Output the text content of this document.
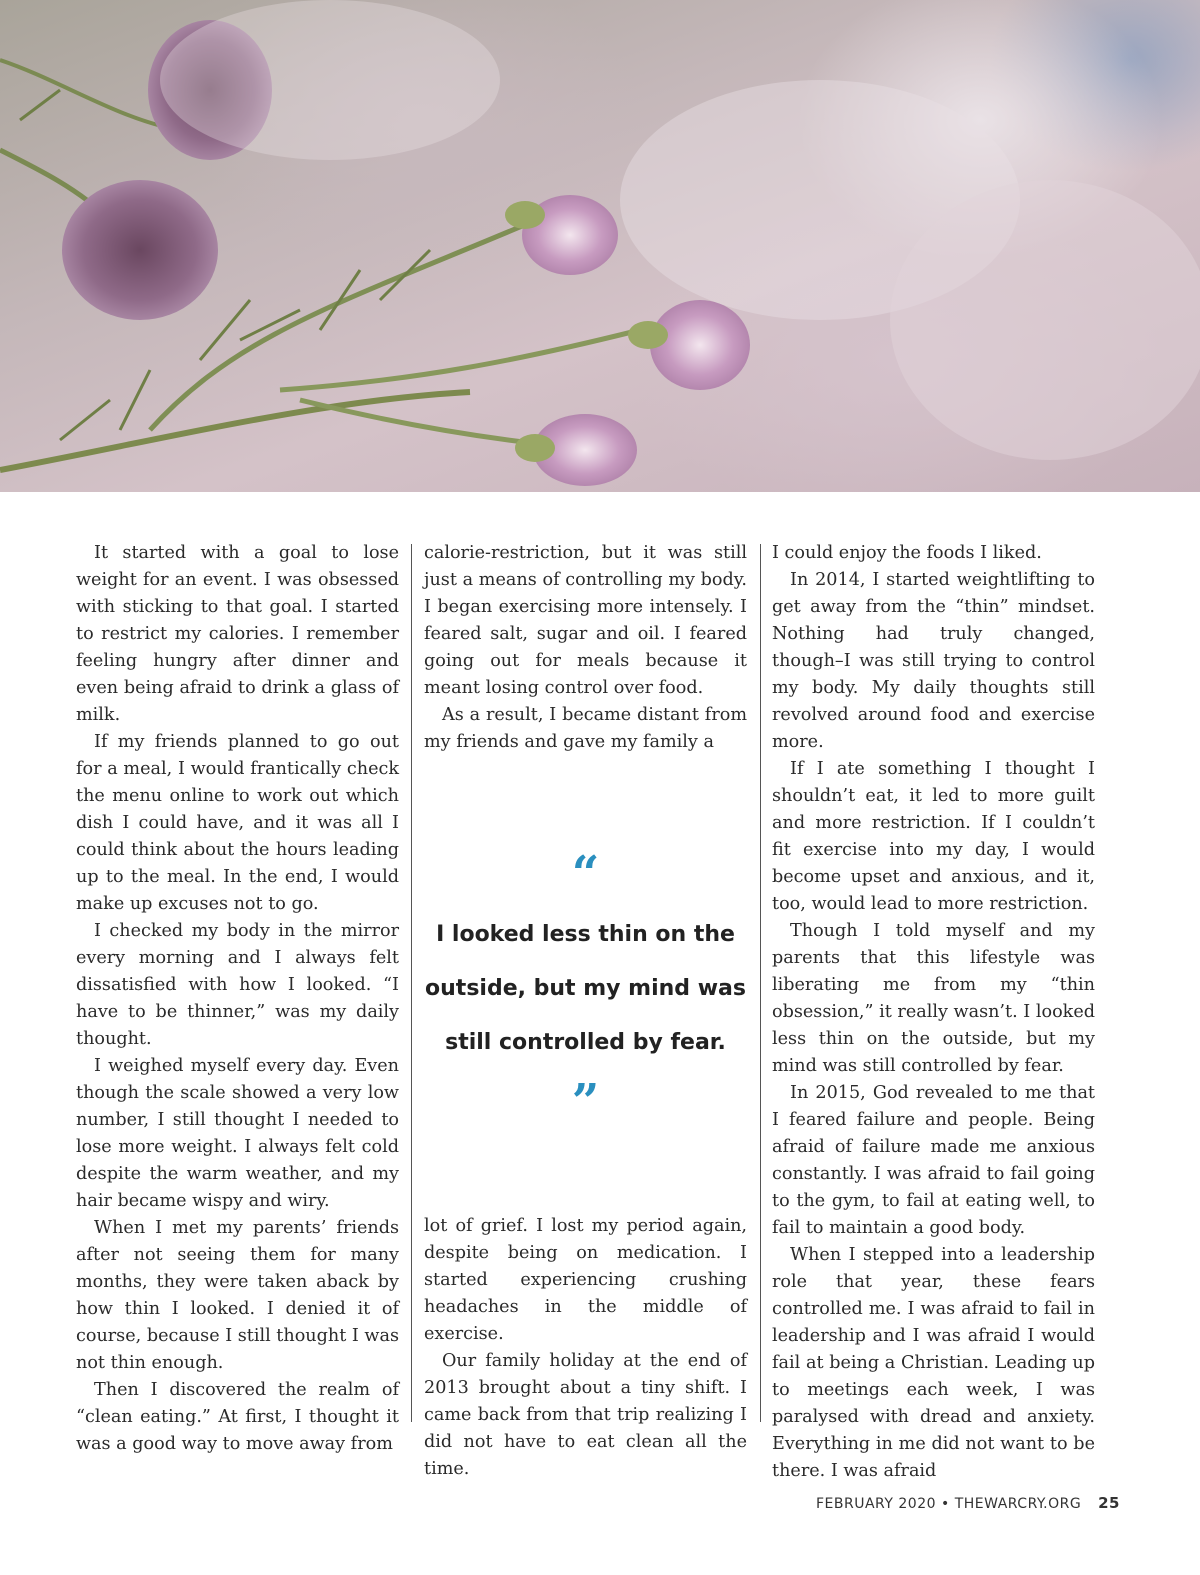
It started with a goal to lose weight for an event. I was obsessed with sticking to that goal. I started to restrict my calories. I remember feeling hungry after dinner and even being afraid to drink a glass of milk.

If my friends planned to go out for a meal, I would frantically check the menu online to work out which dish I could have, and it was all I could think about the hours leading up to the meal. In the end, I would make up excuses not to go.

I checked my body in the mirror every morning and I always felt dissatisfied with how I looked. “I have to be thinner,” was my daily thought.

I weighed myself every day. Even though the scale showed a very low number, I still thought I needed to lose more weight. I always felt cold despite the warm weather, and my hair became wispy and wiry.

When I met my parents’ friends after not seeing them for many months, they were taken aback by how thin I looked. I denied it of course, because I still thought I was not thin enough.

Then I discovered the realm of “clean eating.” At first, I thought it was a good way to move away from

calorie-restriction, but it was still just a means of controlling my body. I began exercising more intensely. I feared salt, sugar and oil. I feared going out for meals because it meant losing control over food.

As a result, I became distant from my friends and gave my family a

“
I looked less thin on the outside, but my mind was still controlled by fear.
”

lot of grief. I lost my period again, despite being on medication. I started experiencing crushing headaches in the middle of exercise.

Our family holiday at the end of 2013 brought about a tiny shift. I came back from that trip realizing I did not have to eat clean all the time.

I could enjoy the foods I liked.

In 2014, I started weightlifting to get away from the “thin” mindset. Nothing had truly changed, though–I was still trying to control my body. My daily thoughts still revolved around food and exercise more.

If I ate something I thought I shouldn’t eat, it led to more guilt and more restriction. If I couldn’t fit exercise into my day, I would become upset and anxious, and it, too, would lead to more restriction.

Though I told myself and my parents that this lifestyle was liberating me from my “thin obsession,” it really wasn’t. I looked less thin on the outside, but my mind was still controlled by fear.

In 2015, God revealed to me that I feared failure and people. Being afraid of failure made me anxious constantly. I was afraid to fail going to the gym, to fail at eating well, to fail to maintain a good body.

When I stepped into a leadership role that year, these fears controlled me. I was afraid to fail in leadership and I was afraid I would fail at being a Christian. Leading up to meetings each week, I was paralysed with dread and anxiety. Everything in me did not want to be there. I was afraid

FEBRUARY 2020 • THEWARCRY.ORG 25
